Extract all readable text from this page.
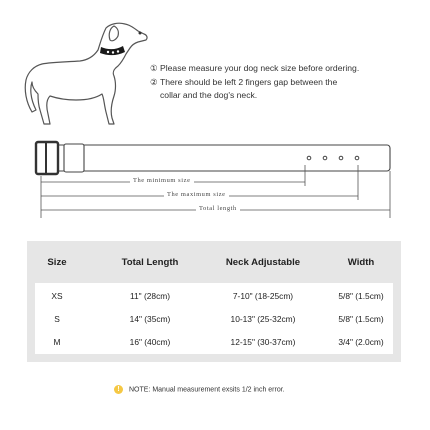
① Please measure your dog neck size before ordering.
② There should be left 2 fingers gap between the
collar and the dog's neck.
The minimum size
The maximum size
Total length
Size	Total Length	Neck Adjustable	Width
XS	11" (28cm)	7-10" (18-25cm)	5/8" (1.5cm)
S	14" (35cm)	10-13" (25-32cm)	5/8" (1.5cm)
M	16" (40cm)	12-15" (30-37cm)	3/4" (2.0cm)
! NOTE: Manual measurement exsits 1/2 inch error.
